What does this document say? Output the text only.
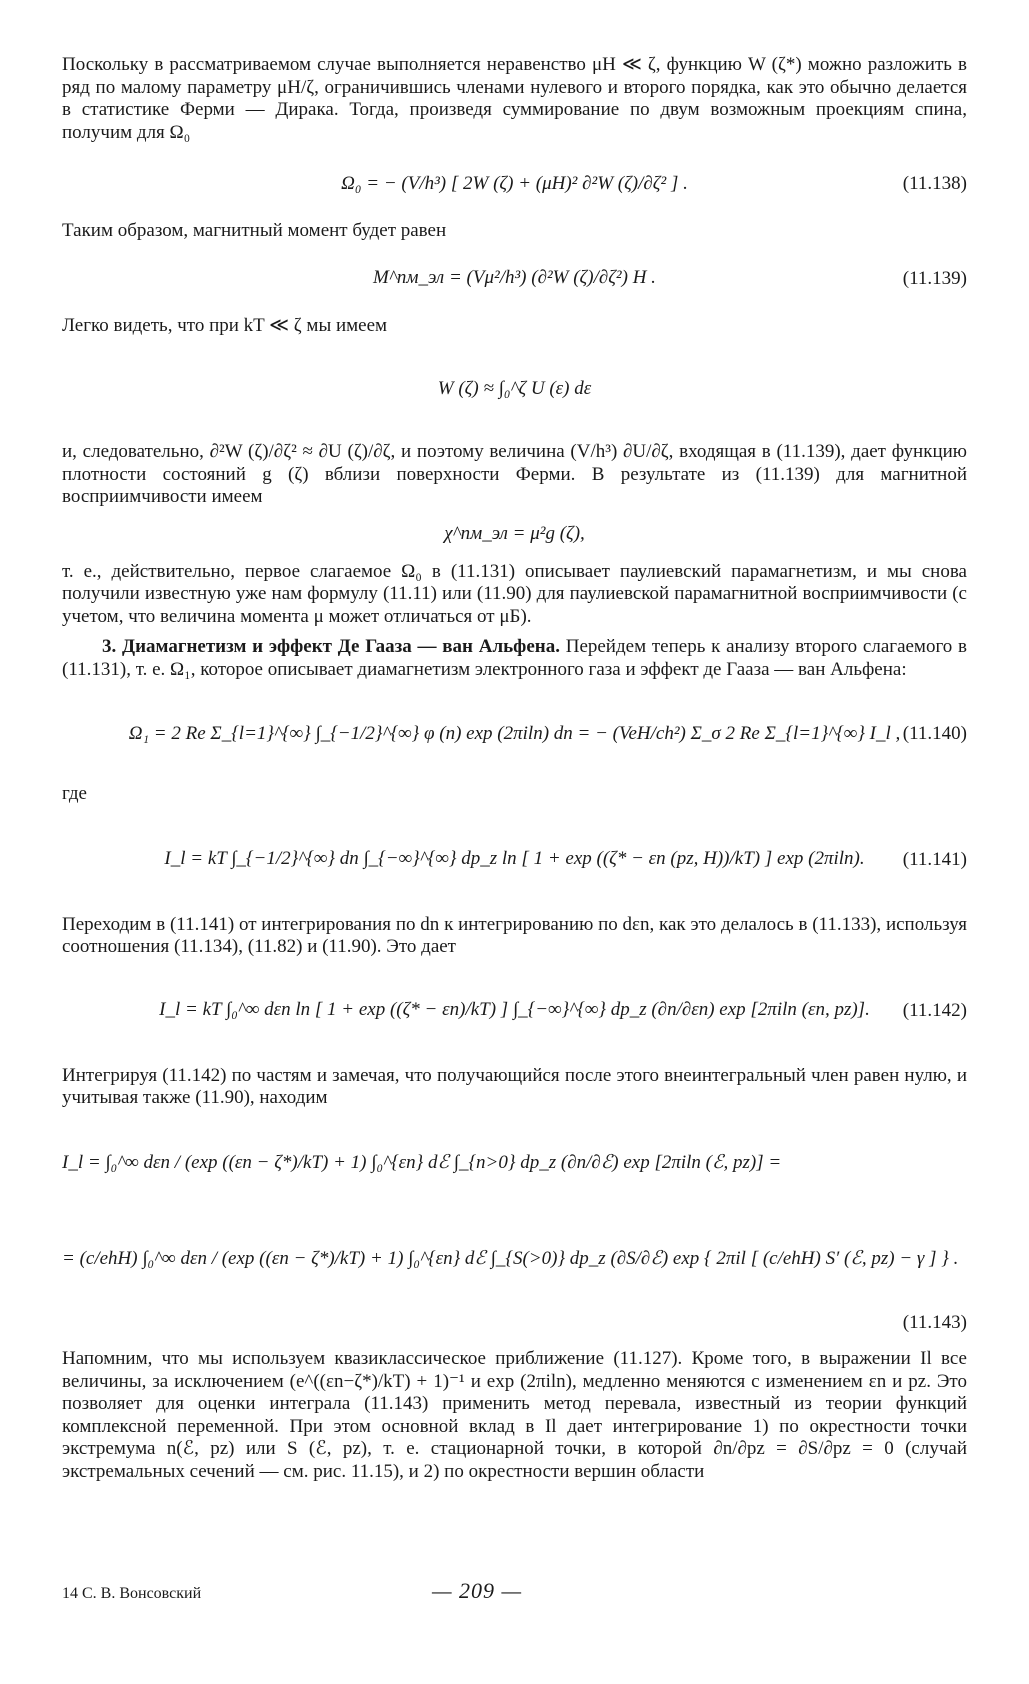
Поскольку в рассматриваемом случае выполняется неравенство μH ≪ ζ, функцию W (ζ*) можно разложить в ряд по малому параметру μH/ζ, ограничившись членами нулевого и второго порядка, как это обычно делается в статистике Ферми — Дирака. Тогда, произведя суммирование по двум возможным проекциям спина, получим для Ω₀

Ω₀ = − (V/h³) [ 2W (ζ) + (μH)² ∂²W (ζ)/∂ζ² ] .	(11.138)

Таким образом, магнитный момент будет равен

M^пм_эл = (Vμ²/h³) (∂²W (ζ)/∂ζ²) H .	(11.139)

Легко видеть, что при kT ≪ ζ мы имеем

W (ζ) ≈ ∫₀^ζ U (ε) dε

и, следовательно, ∂²W (ζ)/∂ζ² ≈ ∂U (ζ)/∂ζ, и поэтому величина (V/h³) ∂U/∂ζ, входящая в (11.139), дает функцию плотности состояний g (ζ) вблизи поверхности Ферми. В результате из (11.139) для магнитной восприимчивости имеем

χ^пм_эл = μ²g (ζ),

т. е., действительно, первое слагаемое Ω₀ в (11.131) описывает паулиевский парамагнетизм, и мы снова получили известную уже нам формулу (11.11) или (11.90) для паулиевской парамагнитной восприимчивости (с учетом, что величина момента μ может отличаться от μБ).

3. Диамагнетизм и эффект Де Гааза — ван Альфена. Перейдем теперь к анализу второго слагаемого в (11.131), т. е. Ω₁, которое описывает диамагнетизм электронного газа и эффект де Гааза — ван Альфена:

Ω₁ = 2 Re Σ_{l=1}^{∞} ∫_{−1/2}^{∞} φ (n) exp (2πiln) dn = − (VeH/ch²) Σ_σ 2 Re Σ_{l=1}^{∞} I_l , (11.140)

где

I_l = kT ∫_{−1/2}^{∞} dn ∫_{−∞}^{∞} dp_z ln [ 1 + exp ((ζ* − εn (pz, H))/kT) ] exp (2πiln). (11.141)

Переходим в (11.141) от интегрирования по dn к интегрированию по dεn, как это делалось в (11.133), используя соотношения (11.134), (11.82) и (11.90). Это дает

I_l = kT ∫₀^∞ dεn ln [ 1 + exp ((ζ* − εn)/kT) ] ∫_{−∞}^{∞} dp_z (∂n/∂εn) exp [2πiln (εn, pz)]. (11.142)

Интегрируя (11.142) по частям и замечая, что получающийся после этого внеинтегральный член равен нулю, и учитывая также (11.90), находим

I_l = ∫₀^∞ dεn / (exp ((εn − ζ*)/kT) + 1) ∫₀^{εn} dℰ ∫_{n>0} dp_z (∂n/∂ℰ) exp [2πiln (ℰ, pz)] =
= (c/ehH) ∫₀^∞ dεn / (exp ((εn − ζ*)/kT) + 1) ∫₀^{εn} dℰ ∫_{S(>0)} dp_z (∂S/∂ℰ) exp { 2πil [ (c/ehH) S′ (ℰ, pz) − γ ] } .
(11.143)

Напомним, что мы используем квазиклассическое приближение (11.127). Кроме того, в выражении Il все величины, за исключением (e^((εn−ζ*)/kT) + 1)⁻¹ и exp (2πiln), медленно меняются с изменением εn и pz. Это позволяет для оценки интеграла (11.143) применить метод перевала, известный из теории функций комплексной переменной. При этом основной вклад в Il дает интегрирование 1) по окрестности точки экстремума n(ℰ, pz) или S (ℰ, pz), т. е. стационарной точки, в которой ∂n/∂pz = ∂S/∂pz = 0 (случай экстремальных сечений — см. рис. 11.15), и 2) по окрестности вершин области

14 С. В. Вонсовский	— 209 —
